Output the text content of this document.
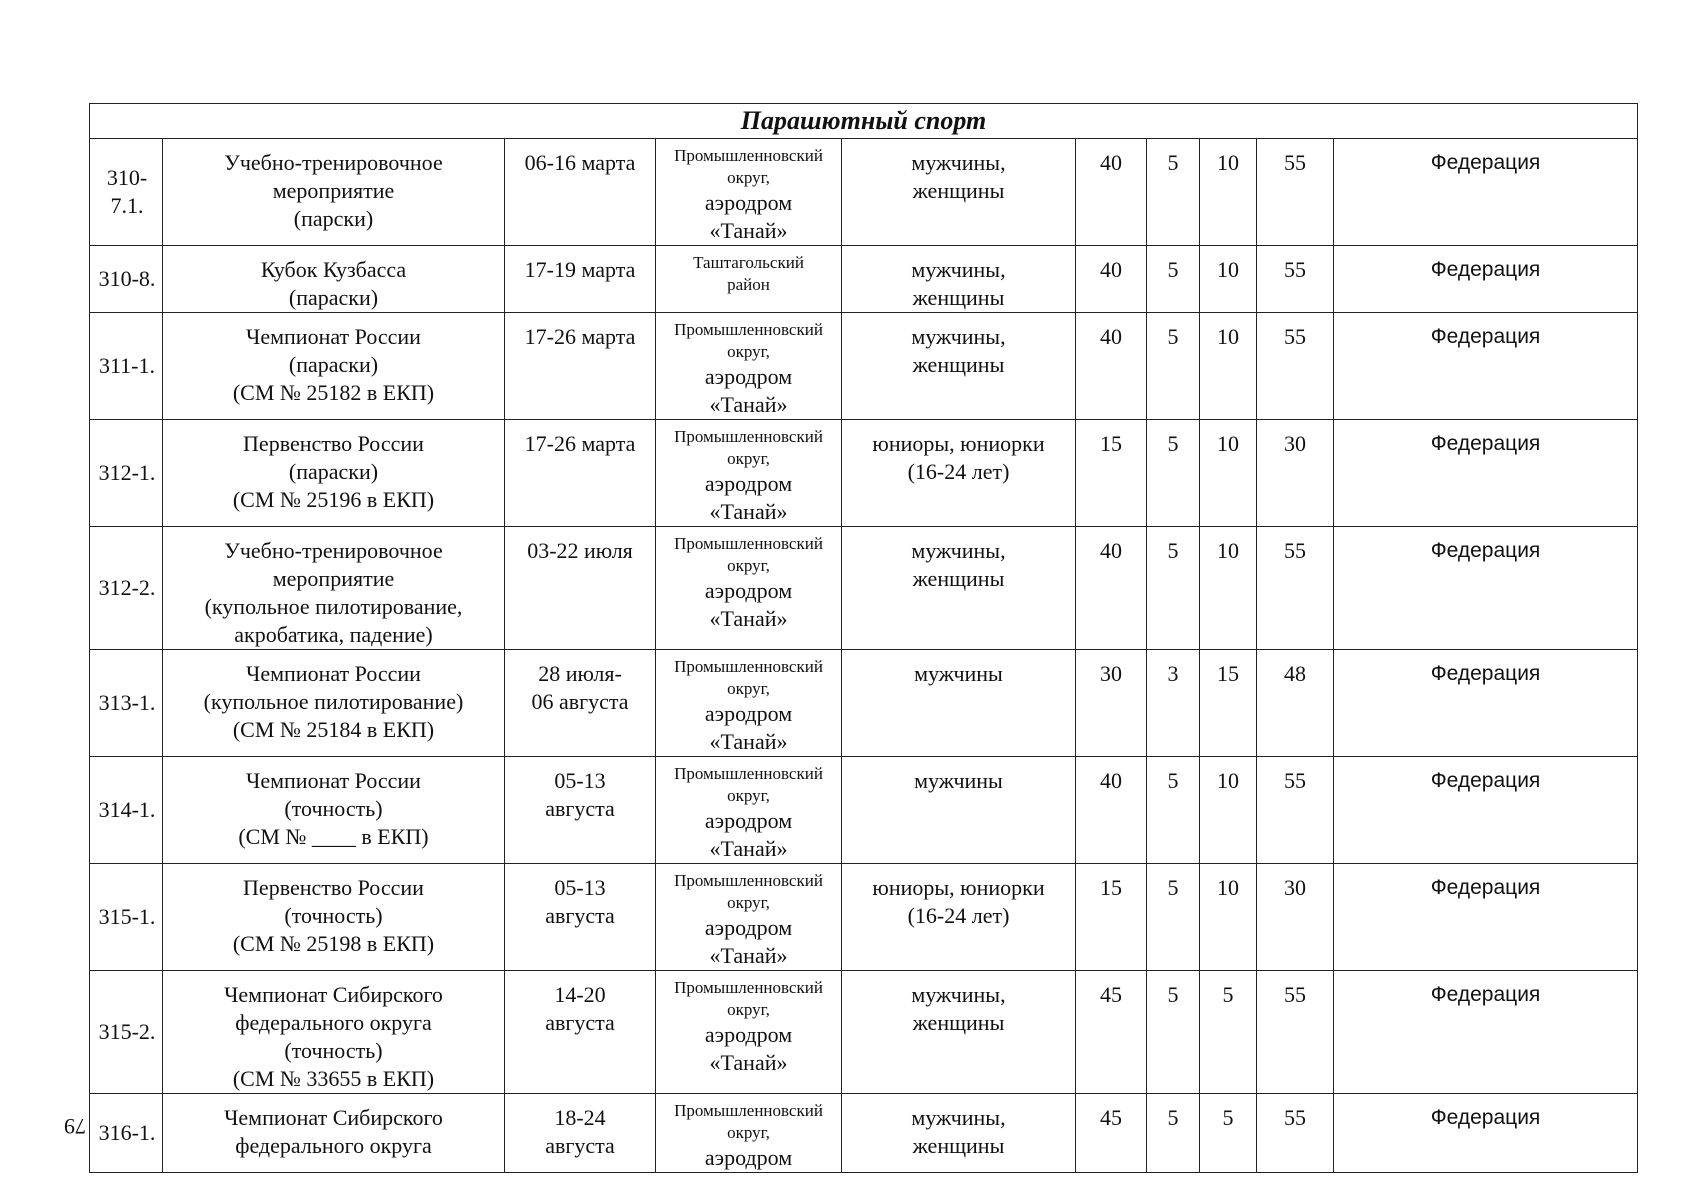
Парашютный спорт									

310-
7.1.	Учебно-тренировочное
мероприятие
(парски)	06-16 марта	Промышленновский
округ,
аэродром
«Танай»	мужчины,
женщины	40	5	10	55	Федерация

310-8.	Кубок Кузбасса
(параски)	17-19 марта	Таштагольский
район	мужчины,
женщины	40	5	10	55	Федерация

311-1.	Чемпионат России
(параски)
(СМ № 25182 в ЕКП)	17-26 марта	Промышленновский
округ,
аэродром
«Танай»	мужчины,
женщины	40	5	10	55	Федерация

312-1.	Первенство России
(параски)
(СМ № 25196 в ЕКП)	17-26 марта	Промышленновский
округ,
аэродром
«Танай»	юниоры, юниорки
(16-24 лет)	15	5	10	30	Федерация

312-2.	Учебно-тренировочное
мероприятие
(купольное пилотирование,
акробатика, падение)	03-22 июля	Промышленновский
округ,
аэродром
«Танай»	мужчины,
женщины	40	5	10	55	Федерация

313-1.	Чемпионат России
(купольное пилотирование)
(СМ № 25184 в ЕКП)	28 июля-
06 августа	Промышленновский
округ,
аэродром
«Танай»	мужчины	30	3	15	48	Федерация

314-1.	Чемпионат России
(точность)
(СМ № ____ в ЕКП)	05-13
августа	Промышленновский
округ,
аэродром
«Танай»	мужчины	40	5	10	55	Федерация

315-1.	Первенство России
(точность)
(СМ № 25198 в ЕКП)	05-13
августа	Промышленновский
округ,
аэродром
«Танай»	юниоры, юниорки
(16-24 лет)	15	5	10	30	Федерация

315-2.	Чемпионат Сибирского
федерального округа
(точность)
(СМ № 33655 в ЕКП)	14-20
августа	Промышленновский
округ,
аэродром
«Танай»	мужчины,
женщины	45	5	5	55	Федерация

316-1.	Чемпионат Сибирского
федерального округа	18-24
августа	Промышленновский
округ,
аэродром	мужчины,
женщины	45	5	5	55	Федерация
79
